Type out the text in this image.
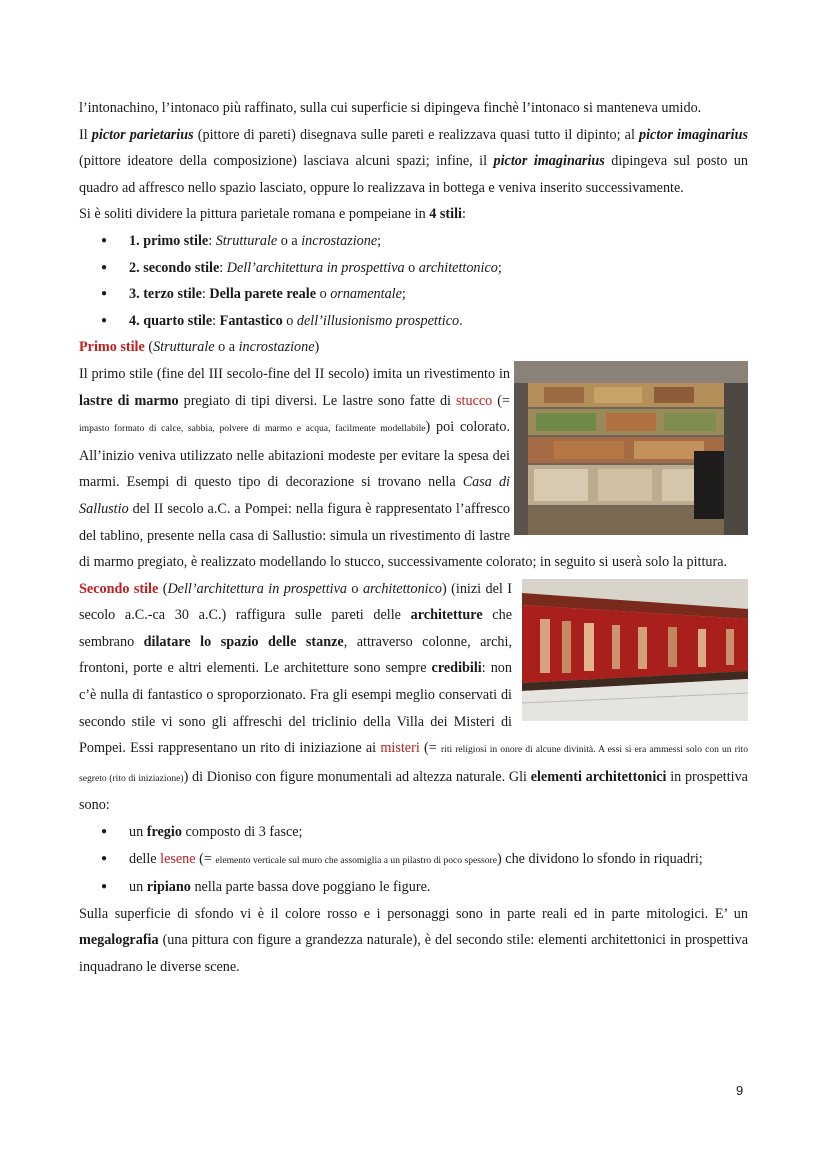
l’intonachino, l’intonaco più raffinato, sulla cui superficie si dipingeva finchè l’intonaco si manteneva umido.

Il pictor parietarius (pittore di pareti) disegnava sulle pareti e realizzava quasi tutto il dipinto; al pictor imaginarius (pittore ideatore della composizione) lasciava alcuni spazi; infine, il pictor imaginarius dipingeva sul posto un quadro ad affresco nello spazio lasciato, oppure lo realizzava in bottega e veniva inserito successivamente.

Si è soliti dividere la pittura parietale romana e pompeiane in 4 stili:

● 1. primo stile: Strutturale o a incrostazione;
● 2. secondo stile: Dell’architettura in prospettiva o architettonico;
● 3. terzo stile: Della parete reale o ornamentale;
● 4. quarto stile: Fantastico o dell’illusionismo prospettico.

Primo stile (Strutturale o a incrostazione)

Il primo stile (fine del III secolo-fine del II secolo) imita un rivestimento in lastre di marmo pregiato di tipi diversi. Le lastre sono fatte di stucco (= impasto formato di calce, sabbia, polvere di marmo e acqua, facilmente modellabile) poi colorato. All’inizio veniva utilizzato nelle abitazioni modeste per evitare la spesa dei marmi. Esempi di questo tipo di decorazione si trovano nella Casa di Sallustio del II secolo a.C. a Pompei: nella figura è rappresentato l’affresco del tablino, presente nella casa di Sallustio: simula un rivestimento di lastre di marmo pregiato, è realizzato modellando lo stucco, successivamente colorato; in seguito si userà solo la pittura.

Secondo stile (Dell’architettura in prospettiva o architettonico) (inizi del I secolo a.C.-ca 30 a.C.) raffigura sulle pareti delle architetture che sembrano dilatare lo spazio delle stanze, attraverso colonne, archi, frontoni, porte e altri elementi. Le architetture sono sempre credibili: non c’è nulla di fantastico o sproporzionato. Fra gli esempi meglio conservati di secondo stile vi sono gli affreschi del triclinio della Villa dei Misteri di Pompei. Essi rappresentano un rito di iniziazione ai misteri (= riti religiosi in onore di alcune divinità. A essi si era ammessi solo con un rito segreto (rito di iniziazione)) di Dioniso con figure monumentali ad altezza naturale. Gli elementi architettonici in prospettiva sono:

● un fregio composto di 3 fasce;
● delle lesene (= elemento verticale sul muro che assomiglia a un pilastro di poco spessore) che dividono lo sfondo in riquadri;
● un ripiano nella parte bassa dove poggiano le figure.

Sulla superficie di sfondo vi è il colore rosso e i personaggi sono in parte reali ed in parte mitologici. E’ un megalografia (una pittura con figure a grandezza naturale), è del secondo stile: elementi architettonici in prospettiva inquadrano le diverse scene.

9
